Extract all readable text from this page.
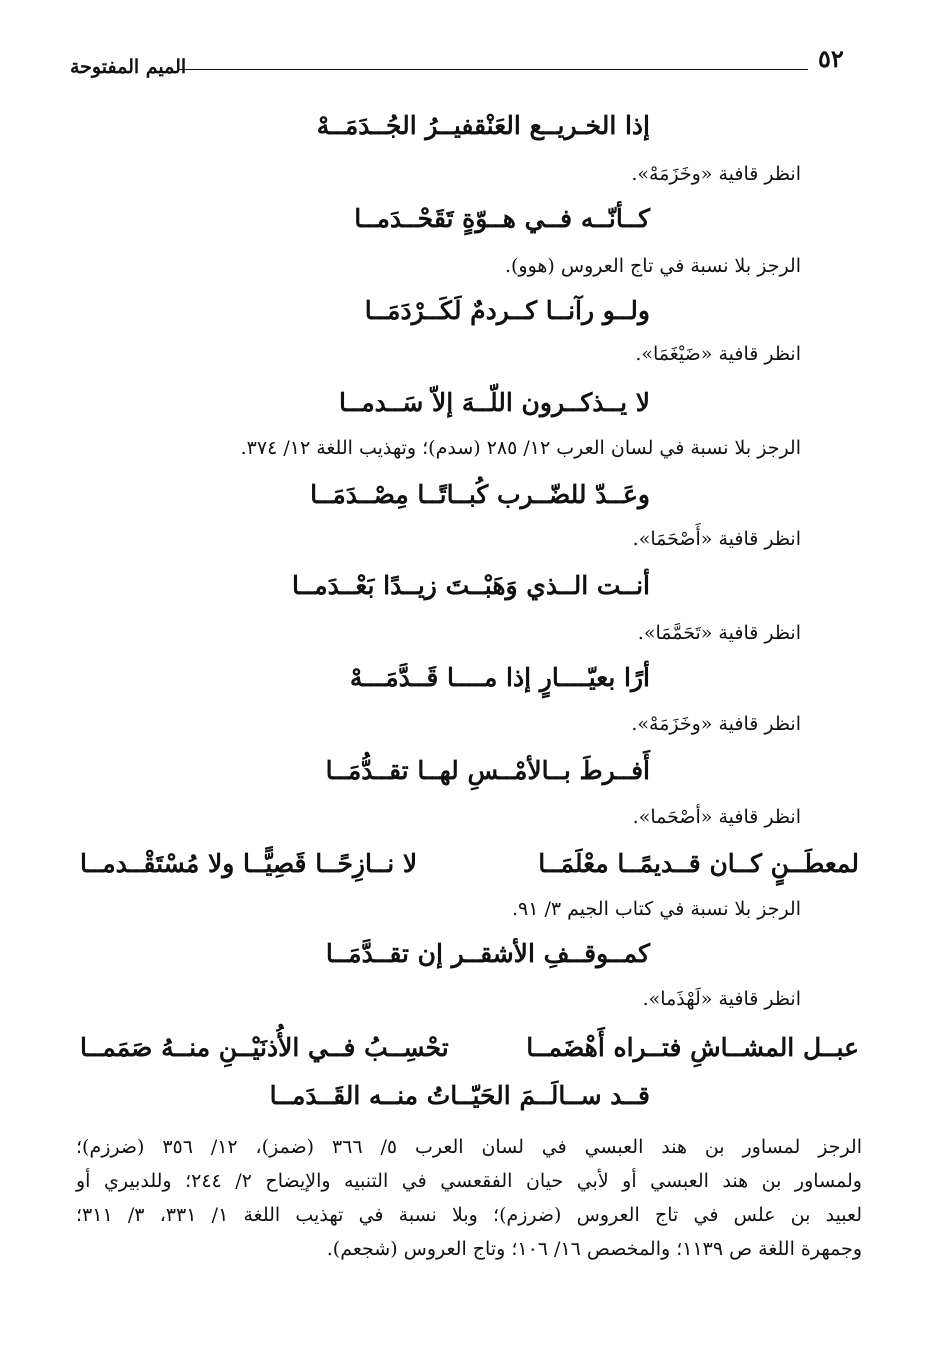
٥٢
الميم المفتوحة
إذا الخـريــع العَنْقفيــرُ الجُــدَمَــهْ
انظر قافية «وخَزَمَهْ».
كــأنّــه فــي هــوّةٍ تَقَحْــدَمــا
الرجز بلا نسبة في تاج العروس (هوو).
ولــو رآنــا كــردمٌ لَكَــرْدَمَــا
انظر قافية «ضَيْغَمَا».
لا يــذكــرون اللّــهَ إلاّ سَــدمــا
الرجز بلا نسبة في لسان العرب ١٢/ ٢٨٥ (سدم)؛ وتهذيب اللغة ١٢/ ٣٧٤.
وعَــدّ للضّــرب كُبــاتًــا مِصْــدَمَــا
انظر قافية «أَصْحَمَا».
أنــت الــذي وَهَبْــتَ زيــدًا بَعْــدَمــا
انظر قافية «تَحَمَّمَا».
أرًا بعيّــــارٍ إذا مــــا قَــدَّمَـــهْ
انظر قافية «وخَزَمَهْ».
أَفــرطَ بــالأمْــسِ لهــا تقــدُّمَــا
انظر قافية «أصْحَما».
لمعطَــنٍ كــان قــديمًــا معْلَمَــا
لا نــازِحًــا قَصِيًّــا ولا مُسْتَقْــدمــا
الرجز بلا نسبة في كتاب الجيم ٣/ ٩١.
كمــوقــفِ الأشقــر إن تقــدَّمَــا
انظر قافية «لَهْذَما».
عبــل المشــاشِ فتــراه أَهْضَمــا
تحْسِــبُ فــي الأُذنَيْــنِ منــهُ صَمَمــا
قــد ســالَــمَ الحَيّــاتُ منــه القَــدَمــا
الرجز لمساور بن هند العبسي في لسان العرب ٥/ ٣٦٦ (ضمز)، ١٢/ ٣٥٦ (ضرزم)؛
ولمساور بن هند العبسي أو لأبي حيان الفقعسي في التنبيه والإيضاح ٢/ ٢٤٤؛ وللدبيري أو
لعبيد بن علس في تاج العروس (ضرزم)؛ وبلا نسبة في تهذيب اللغة ١/ ٣٣١، ٣/ ٣١١؛
وجمهرة اللغة ص ١١٣٩؛ والمخصص ١٦/ ١٠٦؛ وتاج العروس (شجعم).
